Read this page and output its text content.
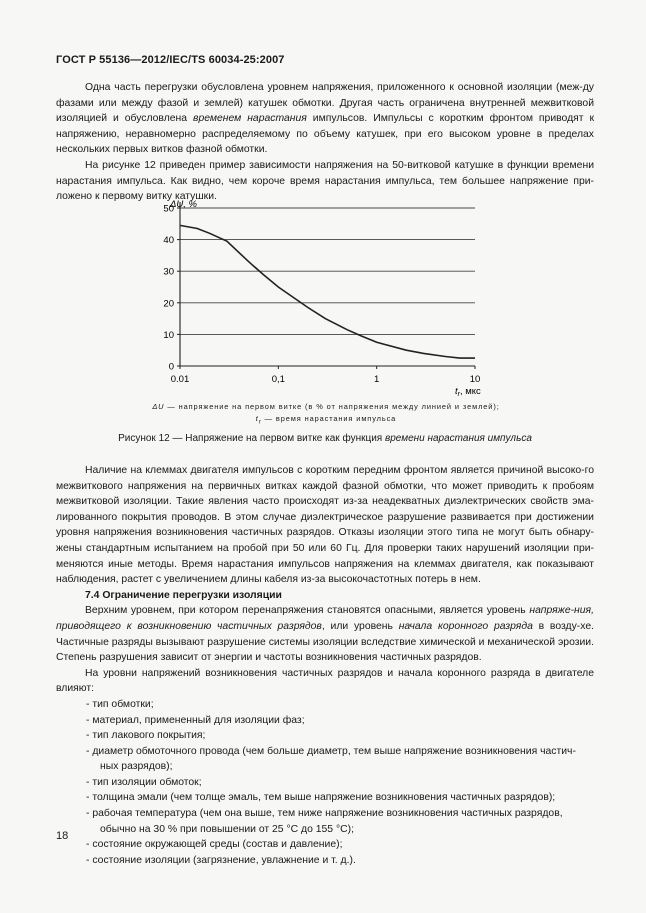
ГОСТ Р 55136—2012/IEC/TS 60034-25:2007

Одна часть перегрузки обусловлена уровнем напряжения, приложенного к основной изоляции (меж-ду фазами или между фазой и землей) катушек обмотки. Другая часть ограничена внутренней межвитковой изоляцией и обусловлена временем нарастания импульсов. Импульсы с коротким фронтом приводят к напряжению, неравномерно распределяемому по объему катушек, при его высоком уровне в пределах нескольких первых витков фазной обмотки.

На рисунке 12 приведен пример зависимости напряжения на 50-витковой катушке в функции времени нарастания импульса. Как видно, чем короче время нарастания импульса, тем большее напряжение при-ложено к первому витку катушки.

0
10
20
30
40
50
0.01	0,1	1	10
ΔU, %
$t_r$, мкс
ΔU — напряжение на первом витке (в % от напряжения между линией и землей);
$t_r$ — время нарастания импульса
Рисунок 12 — Напряжение на первом витке как функция времени нарастания импульса

Наличие на клеммах двигателя импульсов с коротким передним фронтом является причиной высоко-го межвиткового напряжения на первичных витках каждой фазной обмотки, что может приводить к пробоям межвитковой изоляции. Такие явления часто происходят из-за неадекватных диэлектрических свойств эма-лированного покрытия проводов. В этом случае диэлектрическое разрушение развивается при достижении уровня напряжения возникновения частичных разрядов. Отказы изоляции этого типа не могут быть обнару-жены стандартным испытанием на пробой при 50 или 60 Гц. Для проверки таких нарушений изоляции при-меняются иные методы. Время нарастания импульсов напряжения на клеммах двигателя, как показывают наблюдения, растет с увеличением длины кабеля из-за высокочастотных потерь в нем.

7.4 Ограничение перегрузки изоляции

Верхним уровнем, при котором перенапряжения становятся опасными, является уровень напряже-ния, приводящего к возникновению частичных разрядов, или уровень начала коронного разряда в возду-хе. Частичные разряды вызывают разрушение системы изоляции вследствие химической и механической эрозии. Степень разрушения зависит от энергии и частоты возникновения частичных разрядов.

На уровни напряжений возникновения частичных разрядов и начала коронного разряда в двигателе влияют:

- тип обмотки;

- материал, примененный для изоляции фаз;

- тип лакового покрытия;

- диаметр обмоточного провода (чем больше диаметр, тем выше напряжение возникновения частич-

ных разрядов);

- тип изоляции обмоток;

- толщина эмали (чем толще эмаль, тем выше напряжение возникновения частичных разрядов);

- рабочая температура (чем она выше, тем ниже напряжение возникновения частичных разрядов,

обычно на 30 % при повышении от 25 °С до 155 °С);

- состояние окружающей среды (состав и давление);

- состояние изоляции (загрязнение, увлажнение и т. д.).

18
